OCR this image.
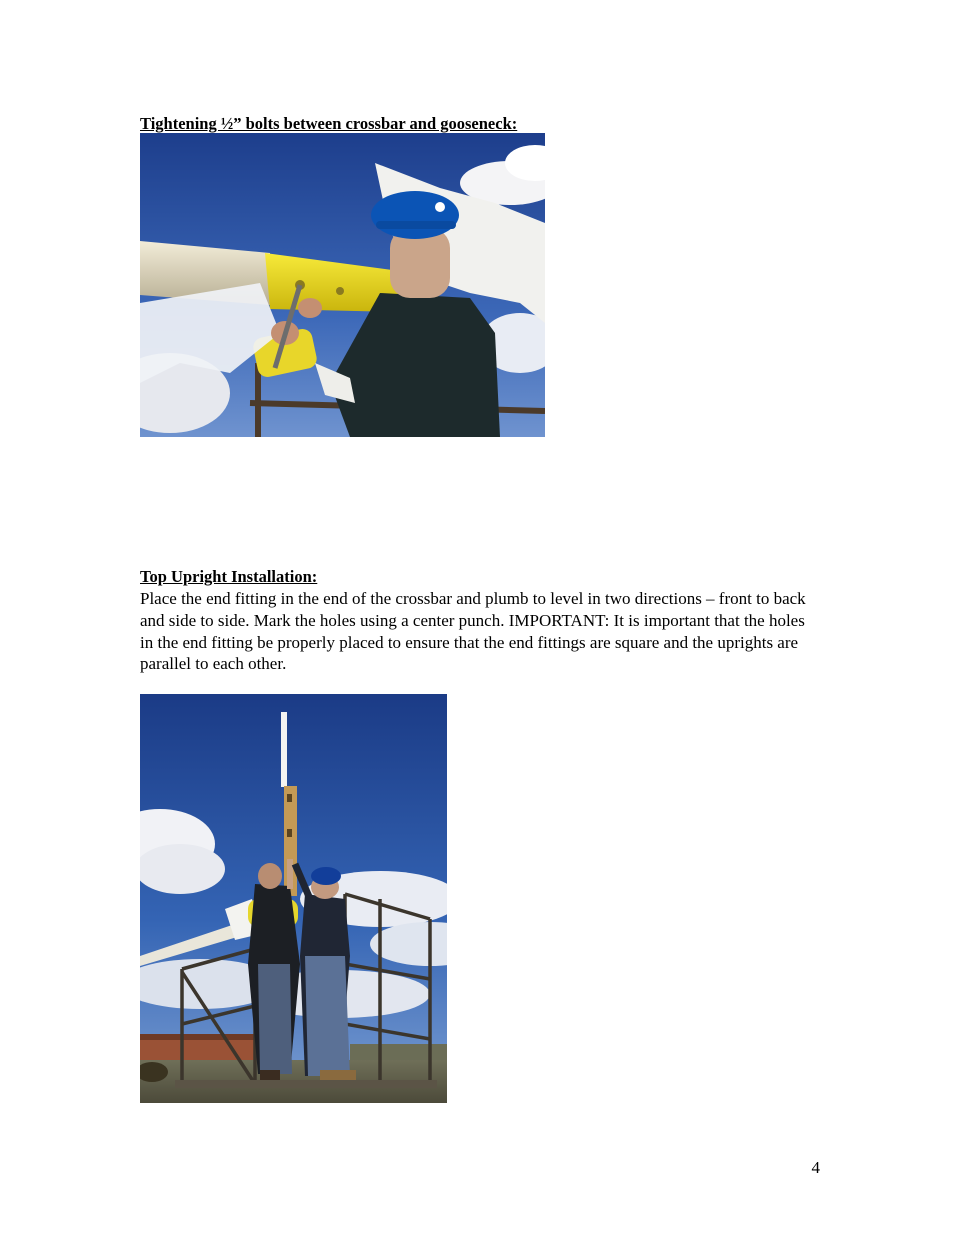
Tightening ½” bolts between crossbar and gooseneck:

Top Upright Installation:

Place the end fitting in the end of the crossbar and plumb to level in two directions – front to back and side to side. Mark the holes using a center punch. IMPORTANT: It is important that the holes in the end fitting be properly placed to ensure that the end fittings are square and the uprights are parallel to each other.

4
